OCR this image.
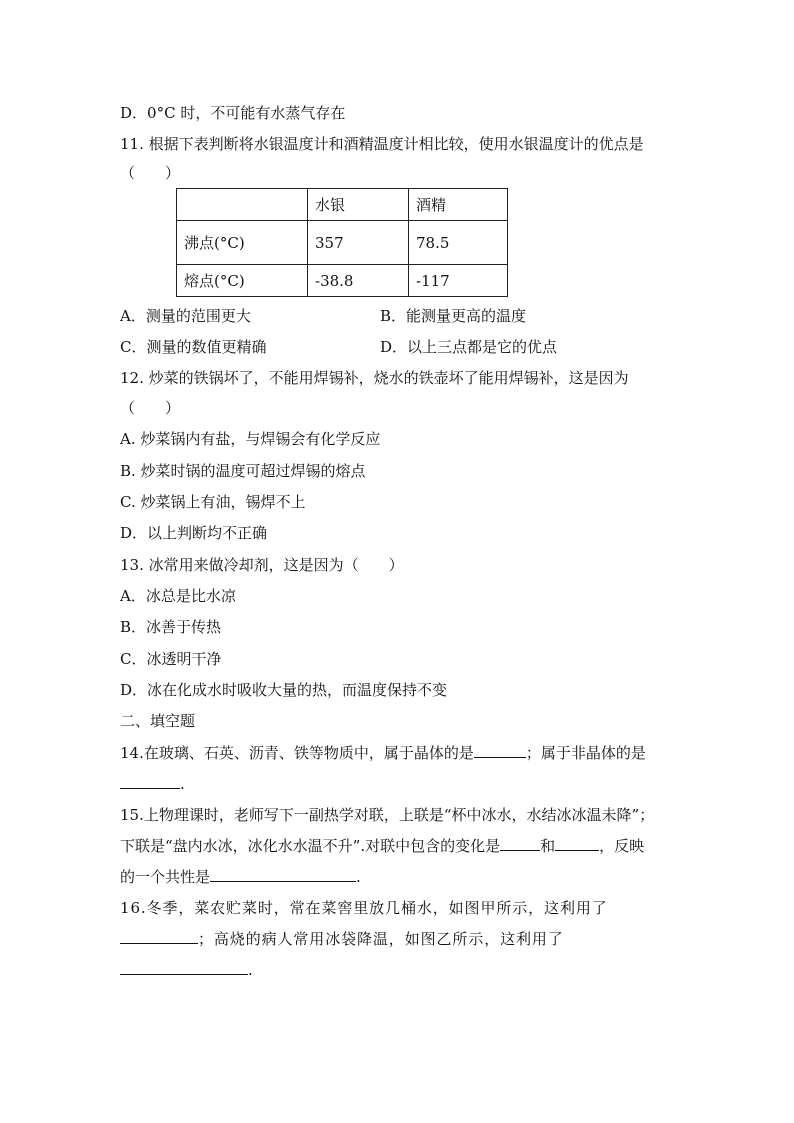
D．0°C 时，不可能有水蒸气存在
11. 根据下表判断将水银温度计和酒精温度计相比较，使用水银温度计的优点是
（　　）
	水银	酒精
沸点(°C)	357	78.5
熔点(°C)	-38.8	-117
A．测量的范围更大	B．能测量更高的温度
C．测量的数值更精确	D．以上三点都是它的优点
12. 炒菜的铁锅坏了，不能用焊锡补，烧水的铁壶坏了能用焊锡补，这是因为
（　　）
A. 炒菜锅内有盐，与焊锡会有化学反应
B. 炒菜时锅的温度可超过焊锡的熔点
C. 炒菜锅上有油，锡焊不上
D．以上判断均不正确
13. 冰常用来做冷却剂，这是因为（　　）
A．冰总是比水凉
B．冰善于传热
C．冰透明干净
D．冰在化成水时吸收大量的热，而温度保持不变
二、填空题
14.在玻璃、石英、沥青、铁等物质中，属于晶体的是	；属于非晶体的是
.
15.上物理课时，老师写下一副热学对联，上联是“杯中冰水，水结冰冰温未降”；
下联是“盘内水冰，冰化水水温不升”.对联中包含的变化是	和	，反映
的一个共性是	.
16.冬季，菜农贮菜时，常在菜窖里放几桶水，如图甲所示，这利用了
；高烧的病人常用冰袋降温，如图乙所示，这利用了
.
